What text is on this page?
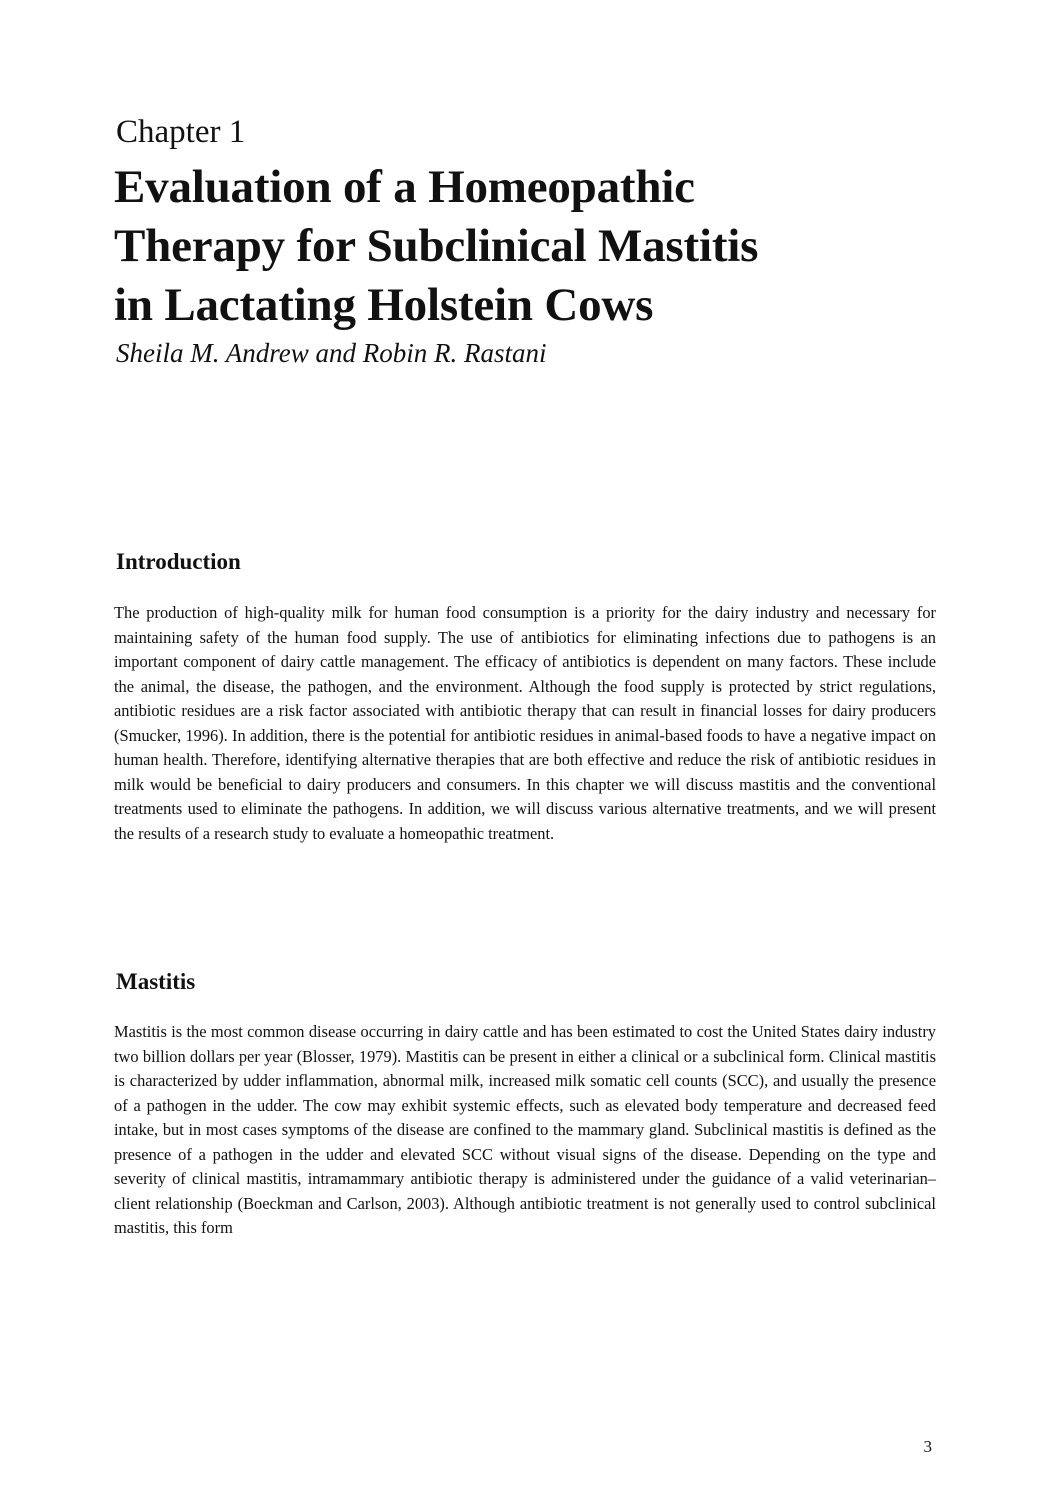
Chapter 1
Evaluation of a Homeopathic
Therapy for Subclinical Mastitis
in Lactating Holstein Cows
Sheila M. Andrew and Robin R. Rastani
Introduction

The production of high-quality milk for human food consumption is a priority for the dairy industry and necessary for maintaining safety of the human food supply. The use of antibiotics for eliminating infections due to pathogens is an important component of dairy cattle management. The efficacy of antibiotics is dependent on many factors. These include the animal, the disease, the pathogen, and the environment. Although the food supply is protected by strict regulations, antibiotic residues are a risk factor associated with antibiotic therapy that can result in financial losses for dairy producers (Smucker, 1996). In addition, there is the potential for antibiotic residues in animal-based foods to have a negative impact on human health. Therefore, identifying alternative therapies that are both effective and reduce the risk of antibiotic residues in milk would be beneficial to dairy producers and consumers. In this chapter we will discuss mastitis and the conventional treatments used to eliminate the pathogens. In addition, we will discuss various alternative treatments, and we will present the results of a research study to evaluate a homeopathic treatment.

Mastitis

Mastitis is the most common disease occurring in dairy cattle and has been estimated to cost the United States dairy industry two billion dollars per year (Blosser, 1979). Mastitis can be present in either a clinical or a subclinical form. Clinical mastitis is characterized by udder inflammation, abnormal milk, increased milk somatic cell counts (SCC), and usually the presence of a pathogen in the udder. The cow may exhibit systemic effects, such as elevated body temperature and decreased feed intake, but in most cases symptoms of the disease are confined to the mammary gland. Subclinical mastitis is defined as the presence of a pathogen in the udder and elevated SCC without visual signs of the disease. Depending on the type and severity of clinical mastitis, intramammary antibiotic therapy is administered under the guidance of a valid veterinarian–client relationship (Boeckman and Carlson, 2003). Although antibiotic treatment is not generally used to control subclinical mastitis, this form

3
